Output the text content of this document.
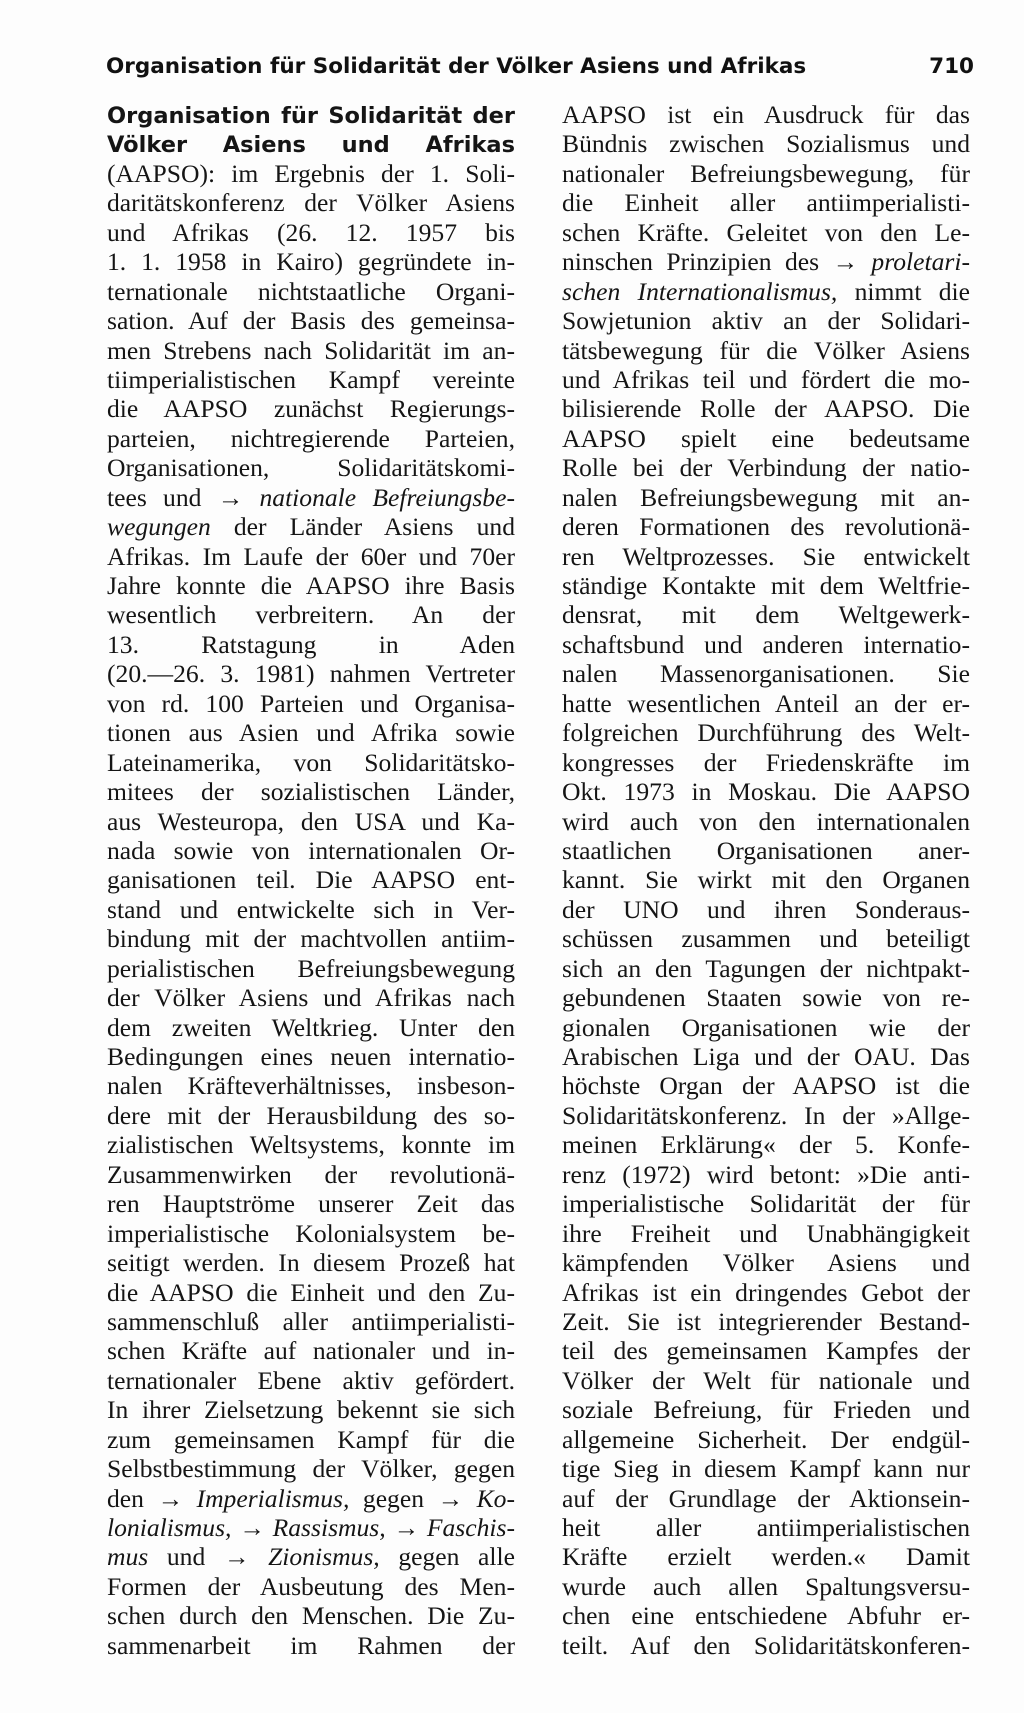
Organisation für Solidarität der Völker Asiens und Afrikas	710
Organisation für Solidarität der
Völker Asiens und Afrikas
(AAPSO): im Ergebnis der 1. Soli-
daritätskonferenz der Völker Asiens
und Afrikas (26. 12. 1957 bis
1. 1. 1958 in Kairo) gegründete in-
ternationale nichtstaatliche Organi-
sation. Auf der Basis des gemeinsa-
men Strebens nach Solidarität im an-
tiimperialistischen Kampf vereinte
die AAPSO zunächst Regierungs-
parteien, nichtregierende Parteien,
Organisationen, Solidaritätskomi-
tees und → nationale Befreiungsbe-
wegungen der Länder Asiens und
Afrikas. Im Laufe der 60er und 70er
Jahre konnte die AAPSO ihre Basis
wesentlich verbreitern. An der
13. Ratstagung in Aden
(20.—26. 3. 1981) nahmen Vertreter
von rd. 100 Parteien und Organisa-
tionen aus Asien und Afrika sowie
Lateinamerika, von Solidaritätsko-
mitees der sozialistischen Länder,
aus Westeuropa, den USA und Ka-
nada sowie von internationalen Or-
ganisationen teil. Die AAPSO ent-
stand und entwickelte sich in Ver-
bindung mit der machtvollen antiim-
perialistischen Befreiungsbewegung
der Völker Asiens und Afrikas nach
dem zweiten Weltkrieg. Unter den
Bedingungen eines neuen internatio-
nalen Kräfteverhältnisses, insbeson-
dere mit der Herausbildung des so-
zialistischen Weltsystems, konnte im
Zusammenwirken der revolutionä-
ren Hauptströme unserer Zeit das
imperialistische Kolonialsystem be-
seitigt werden. In diesem Prozeß hat
die AAPSO die Einheit und den Zu-
sammenschluß aller antiimperialisti-
schen Kräfte auf nationaler und in-
ternationaler Ebene aktiv gefördert.
In ihrer Zielsetzung bekennt sie sich
zum gemeinsamen Kampf für die
Selbstbestimmung der Völker, gegen
den → Imperialismus, gegen → Ko-
lonialismus, → Rassismus, → Faschis-
mus und → Zionismus, gegen alle
Formen der Ausbeutung des Men-
schen durch den Menschen. Die Zu-
sammenarbeit im Rahmen der
AAPSO ist ein Ausdruck für das
Bündnis zwischen Sozialismus und
nationaler Befreiungsbewegung, für
die Einheit aller antiimperialisti-
schen Kräfte. Geleitet von den Le-
ninschen Prinzipien des → proletari-
schen Internationalismus, nimmt die
Sowjetunion aktiv an der Solidari-
tätsbewegung für die Völker Asiens
und Afrikas teil und fördert die mo-
bilisierende Rolle der AAPSO. Die
AAPSO spielt eine bedeutsame
Rolle bei der Verbindung der natio-
nalen Befreiungsbewegung mit an-
deren Formationen des revolutionä-
ren Weltprozesses. Sie entwickelt
ständige Kontakte mit dem Weltfrie-
densrat, mit dem Weltgewerk-
schaftsbund und anderen internatio-
nalen Massenorganisationen. Sie
hatte wesentlichen Anteil an der er-
folgreichen Durchführung des Welt-
kongresses der Friedenskräfte im
Okt. 1973 in Moskau. Die AAPSO
wird auch von den internationalen
staatlichen Organisationen aner-
kannt. Sie wirkt mit den Organen
der UNO und ihren Sonderaus-
schüssen zusammen und beteiligt
sich an den Tagungen der nichtpakt-
gebundenen Staaten sowie von re-
gionalen Organisationen wie der
Arabischen Liga und der OAU. Das
höchste Organ der AAPSO ist die
Solidaritätskonferenz. In der »Allge-
meinen Erklärung« der 5. Konfe-
renz (1972) wird betont: »Die anti-
imperialistische Solidarität der für
ihre Freiheit und Unabhängigkeit
kämpfenden Völker Asiens und
Afrikas ist ein dringendes Gebot der
Zeit. Sie ist integrierender Bestand-
teil des gemeinsamen Kampfes der
Völker der Welt für nationale und
soziale Befreiung, für Frieden und
allgemeine Sicherheit. Der endgül-
tige Sieg in diesem Kampf kann nur
auf der Grundlage der Aktionsein-
heit aller antiimperialistischen
Kräfte erzielt werden.« Damit
wurde auch allen Spaltungsversu-
chen eine entschiedene Abfuhr er-
teilt. Auf den Solidaritätskonferen-
